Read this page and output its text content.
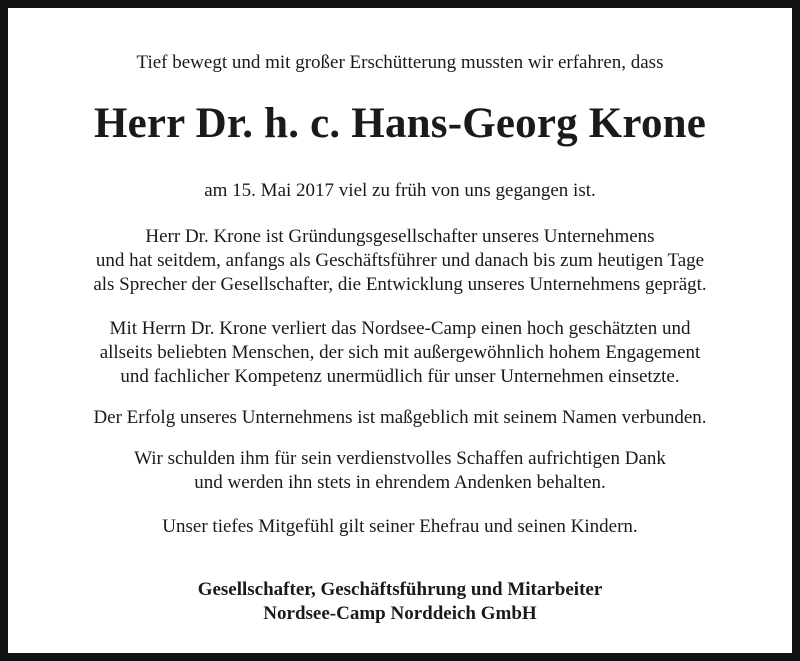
Tief bewegt und mit großer Erschütterung mussten wir erfahren, dass
Herr Dr. h. c. Hans-Georg Krone
am 15. Mai 2017 viel zu früh von uns gegangen ist.
Herr Dr. Krone ist Gründungsgesellschafter unseres Unternehmens
und hat seitdem, anfangs als Geschäftsführer und danach bis zum heutigen Tage
als Sprecher der Gesellschafter, die Entwicklung unseres Unternehmens geprägt.
Mit Herrn Dr. Krone verliert das Nordsee-Camp einen hoch geschätzten und
allseits beliebten Menschen, der sich mit außergewöhnlich hohem Engagement
und fachlicher Kompetenz unermüdlich für unser Unternehmen einsetzte.
Der Erfolg unseres Unternehmens ist maßgeblich mit seinem Namen verbunden.
Wir schulden ihm für sein verdienstvolles Schaffen aufrichtigen Dank
und werden ihn stets in ehrendem Andenken behalten.
Unser tiefes Mitgefühl gilt seiner Ehefrau und seinen Kindern.
Gesellschafter, Geschäftsführung und Mitarbeiter
Nordsee-Camp Norddeich GmbH
